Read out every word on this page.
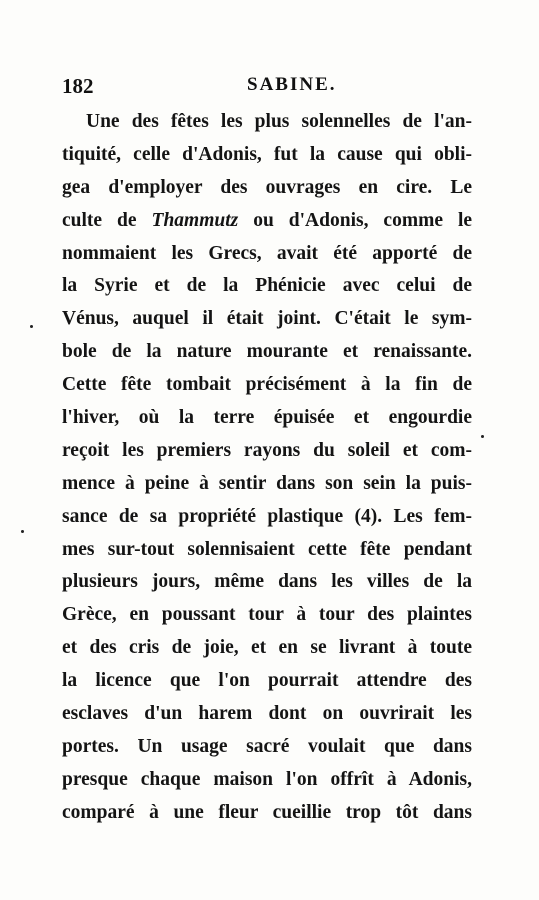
182	SABINE.
Une des fêtes les plus solennelles de l'an-
tiquité, celle d'Adonis, fut la cause qui obli-
gea d'employer des ouvrages en cire. Le
culte de Thammutz ou d'Adonis, comme le
nommaient les Grecs, avait été apporté de
la Syrie et de la Phénicie avec celui de
Vénus, auquel il était joint. C'était le sym-
bole de la nature mourante et renaissante.
Cette fête tombait précisément à la fin de
l'hiver, où la terre épuisée et engourdie
reçoit les premiers rayons du soleil et com-
mence à peine à sentir dans son sein la puis-
sance de sa propriété plastique (4). Les fem-
mes sur-tout solennisaient cette fête pendant
plusieurs jours, même dans les villes de la
Grèce, en poussant tour à tour des plaintes
et des cris de joie, et en se livrant à toute
la licence que l'on pourrait attendre des
esclaves d'un harem dont on ouvrirait les
portes. Un usage sacré voulait que dans
presque chaque maison l'on offrît à Adonis,
comparé à une fleur cueillie trop tôt dans
